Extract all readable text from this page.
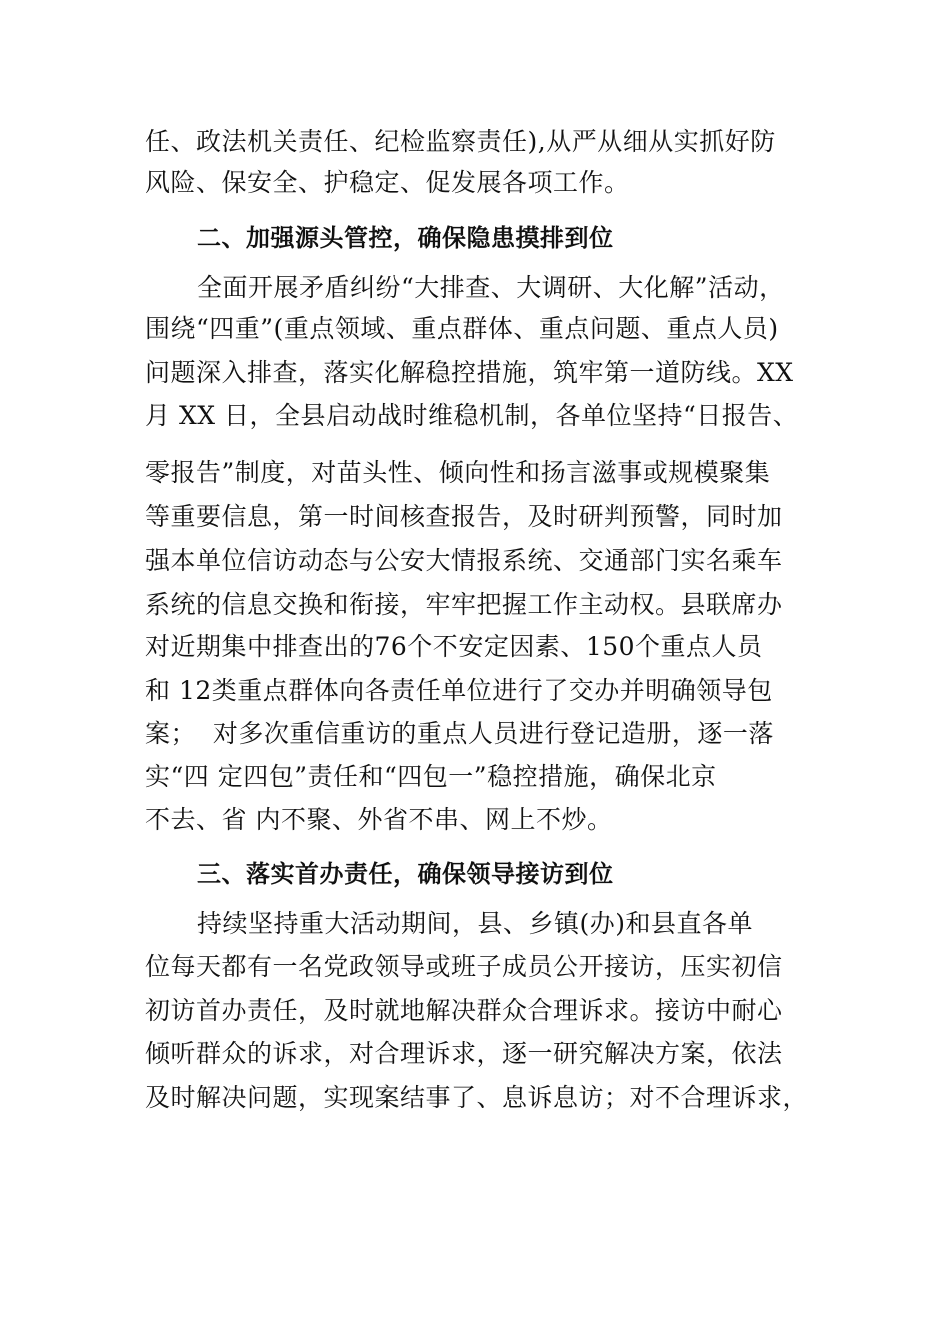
任、政法机关责任、纪检监察责任),从严从细从实抓好防
风险、保安全、护稳定、促发展各项工作。
二、加强源头管控，确保隐患摸排到位
全面开展矛盾纠纷“大排查、大调研、大化解”活动，
围绕“四重”(重点领域、重点群体、重点问题、重点人员)
问题深入排查，落实化解稳控措施，筑牢第一道防线。XX
月 XX 日，全县启动战时维稳机制，各单位坚持“日报告、
零报告”制度，对苗头性、倾向性和扬言滋事或规模聚集
等重要信息，第一时间核查报告，及时研判预警，同时加
强本单位信访动态与公安大情报系统、交通部门实名乘车
系统的信息交换和衔接，牢牢把握工作主动权。县联席办
对近期集中排查出的76个不安定因素、150个重点人员
和 12类重点群体向各责任单位进行了交办并明确领导包
案；  对多次重信重访的重点人员进行登记造册，逐一落
实“四 定四包”责任和“四包一”稳控措施，确保北京
不去、省 内不聚、外省不串、网上不炒。
三、落实首办责任，确保领导接访到位
持续坚持重大活动期间，县、乡镇(办)和县直各单
位每天都有一名党政领导或班子成员公开接访，压实初信
初访首办责任，及时就地解决群众合理诉求。接访中耐心
倾听群众的诉求，对合理诉求，逐一研究解决方案，依法
及时解决问题，实现案结事了、息诉息访；对不合理诉求，
